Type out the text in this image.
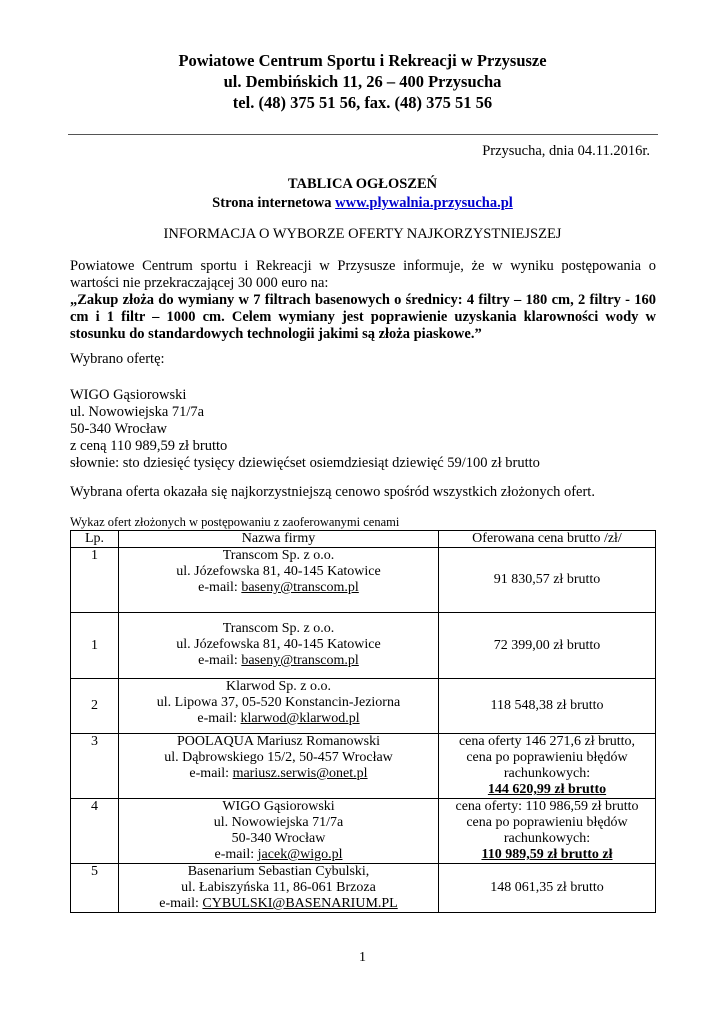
Powiatowe Centrum Sportu i Rekreacji w Przysusze
ul. Dembińskich 11, 26 – 400 Przysucha
tel. (48) 375 51 56, fax. (48) 375 51 56
Przysucha, dnia 04.11.2016r.
TABLICA OGŁOSZEŃ
Strona internetowa www.plywalnia.przysucha.pl
INFORMACJA O WYBORZE OFERTY NAJKORZYSTNIEJSZEJ
Powiatowe Centrum sportu i Rekreacji w Przysusze informuje, że w wyniku postępowania o wartości nie przekraczającej 30 000 euro na:
„Zakup złoża do wymiany w 7 filtrach basenowych o średnicy: 4 filtry – 180 cm, 2 filtry - 160 cm i 1 filtr – 1000 cm. Celem wymiany jest poprawienie uzyskania klarowności wody w stosunku do standardowych technologii jakimi są złoża piaskowe.”
Wybrano ofertę:
WIGO Gąsiorowski
ul. Nowowiejska 71/7a
50-340 Wrocław
z ceną 110 989,59 zł brutto
słownie: sto dziesięć tysięcy dziewięćset osiemdziesiąt dziewięć 59/100 zł brutto
Wybrana oferta okazała się najkorzystniejszą cenowo spośród wszystkich złożonych ofert.
Wykaz ofert złożonych w postępowaniu z zaoferowanymi cenami
Lp.	Nazwa firmy	Oferowana cena brutto /zł/
1	Transcom Sp. z o.o.
ul. Józefowska 81, 40-145 Katowice
e-mail: baseny@transcom.pl	91 830,57 zł brutto
1	Transcom Sp. z o.o.
ul. Józefowska 81, 40-145 Katowice
e-mail: baseny@transcom.pl	72 399,00 zł brutto
2	Klarwod Sp. z o.o.
ul. Lipowa 37, 05-520 Konstancin-Jeziorna
e-mail: klarwod@klarwod.pl	118 548,38 zł brutto
3	POOLAQUA Mariusz Romanowski
ul. Dąbrowskiego 15/2, 50-457 Wrocław
e-mail: mariusz.serwis@onet.pl	cena oferty 146 271,6 zł brutto,
cena po poprawieniu błędów
rachunkowych:
144 620,99 zł brutto

4	WIGO Gąsiorowski
ul. Nowowiejska 71/7a
50-340 Wrocław
e-mail: jacek@wigo.pl	cena oferty: 110 986,59 zł brutto
cena po poprawieniu błędów
rachunkowych:
110 989,59 zł brutto zł

5	Basenarium Sebastian Cybulski,
ul. Łabiszyńska 11, 86-061 Brzoza
e-mail: CYBULSKI@BASENARIUM.PL	148 061,35 zł brutto
1
